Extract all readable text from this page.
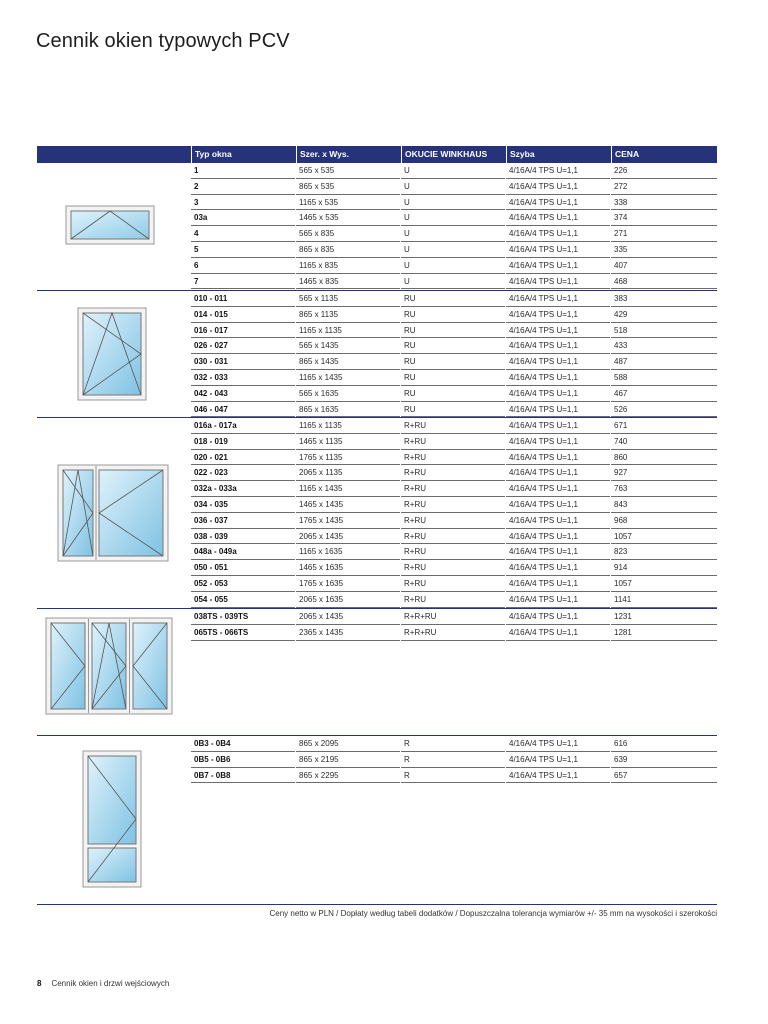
Cennik okien typowych PCV
Typ okna	Szer. x Wys.	OKUCIE WINKHAUS	Szyba	CENA
1	565 x 535	U	4/16A/4 TPS U=1,1	226
2	865 x 535	U	4/16A/4 TPS U=1,1	272
3	1165 x 535	U	4/16A/4 TPS U=1,1	338
03a	1465 x 535	U	4/16A/4 TPS U=1,1	374
4	565 x 835	U	4/16A/4 TPS U=1,1	271
5	865 x 835	U	4/16A/4 TPS U=1,1	335
6	1165 x 835	U	4/16A/4 TPS U=1,1	407
7	1465 x 835	U	4/16A/4 TPS U=1,1	468
010 - 011	565 x 1135	RU	4/16A/4 TPS U=1,1	383
014 - 015	865 x 1135	RU	4/16A/4 TPS U=1,1	429
016 - 017	1165 x 1135	RU	4/16A/4 TPS U=1,1	518
026 - 027	565 x 1435	RU	4/16A/4 TPS U=1,1	433
030 - 031	865 x 1435	RU	4/16A/4 TPS U=1,1	487
032 - 033	1165 x 1435	RU	4/16A/4 TPS U=1,1	588
042 - 043	565 x 1635	RU	4/16A/4 TPS U=1,1	467
046 - 047	865 x 1635	RU	4/16A/4 TPS U=1,1	526
016a - 017a	1165 x 1135	R+RU	4/16A/4 TPS U=1,1	671
018 - 019	1465 x 1135	R+RU	4/16A/4 TPS U=1,1	740
020 - 021	1765 x 1135	R+RU	4/16A/4 TPS U=1,1	860
022 - 023	2065 x 1135	R+RU	4/16A/4 TPS U=1,1	927
032a - 033a	1165 x 1435	R+RU	4/16A/4 TPS U=1,1	763
034 - 035	1465 x 1435	R+RU	4/16A/4 TPS U=1,1	843
036 - 037	1765 x 1435	R+RU	4/16A/4 TPS U=1,1	968
038 - 039	2065 x 1435	R+RU	4/16A/4 TPS U=1,1	1057
048a - 049a	1165 x 1635	R+RU	4/16A/4 TPS U=1,1	823
050 - 051	1465 x 1635	R+RU	4/16A/4 TPS U=1,1	914
052 - 053	1765 x 1635	R+RU	4/16A/4 TPS U=1,1	1057
054 - 055	2065 x 1635	R+RU	4/16A/4 TPS U=1,1	1141
038TS - 039TS	2065 x 1435	R+R+RU	4/16A/4 TPS U=1,1	1231
065TS - 066TS	2365 x 1435	R+R+RU	4/16A/4 TPS U=1,1	1281
0B3 - 0B4	865 x 2095	R	4/16A/4 TPS U=1,1	616
0B5 - 0B6	865 x 2195	R	4/16A/4 TPS U=1,1	639
0B7 - 0B8	865 x 2295	R	4/16A/4 TPS U=1,1	657
Ceny netto w PLN / Dopłaty według tabeli dodatków / Dopuszczalna tolerancja wymiarów +/- 35 mm na wysokości i szerokości
8 Cennik okien i drzwi wejściowych
